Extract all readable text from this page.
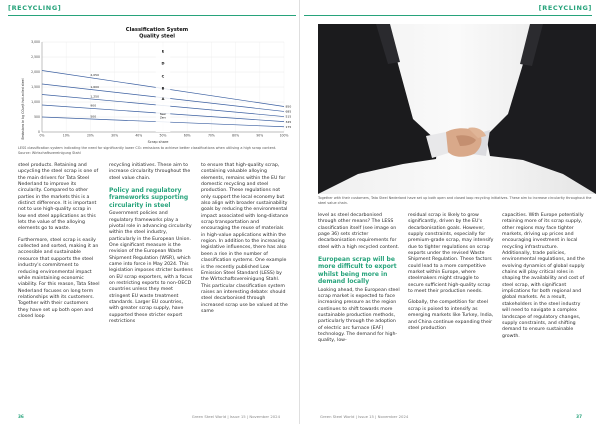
[RECYCLING]
Classification System
Quality steel
Emissions in kg CO₂e/t hot-rolled steel
Scrap share
0
500
1,000
1,500
2,000
2,500
3,000
0%	10%	20%	30%	40%	50%	60%	70%	80%	90%	100%
2,050
850
1,600
685
1,250
515
900
345
500
175
E
D
C
B
A
Near
Zero
LESS classification system indicating the need for significantly lower CO₂ emissions to achieve better classifications when utilising a high scrap content.
Source: Wirtschaftsvereinigung Stahl

steel products. Retaining and upcycling the steel scrap is one of the main drivers for Tata Steel Nederland to improve its circularity. Compared to other parties in the markets this is a distinct difference. It is important not to use high-quality scrap in low end steel applications as this lets the value of the alloying elements go to waste.

Furthermore, steel scrap is easily collected and sorted, making it an accessible and sustainable resource that supports the steel industry's commitment to reducing environmental impact while maintaining economic viability. For this reason, Tata Steel Nederland focuses on long term relationships with its customers. Together with their customers they have set up both open and closed loop

recycling initiatives. These aim to increase circularity throughout the steel value chain.

Policy and regulatory frameworks supporting circularity in steel

Government policies and regulatory frameworks play a pivotal role in advancing circularity within the steel industry, particularly in the European Union. One significant measure is the revision of the European Waste Shipment Regulation (WSR), which came into force in May 2024. This legislation imposes stricter burdens on EU scrap exporters, with a focus on restricting exports to non-OECD countries unless they meet stringent EU waste treatment standards. Larger EU countries, with greater scrap supply, have supported these stricter export restrictions

to ensure that high-quality scrap, containing valuable alloying elements, remains within the EU for domestic recycling and steel production. These regulations not only support the local economy but also align with broader sustainability goals by reducing the environmental impact associated with long-distance scrap transportation and encouraging the reuse of materials in high-value applications within the region. In addition to the increasing legislative influences, there has also been a rise in the number of classification systems. One example is the recently published Low Emission Steel Standard (LESS) by the Wirtschaftsvereinigung Stahl. This particular classification system raises an interesting debate: should steel decarbonised through increased scrap use be valued at the same

36	Green Steel World | Issue 15 | November 2024
[RECYCLING]
Together with their customers, Tata Steel Nederland have set up both open and closed loop recycling initiatives. These aim to increase circularity throughout the steel value chain.

level as steel decarbonised through other means? The LESS classification itself (see image on page 36) sets stricter decarbonisation requirements for steel with a high recycled content.

European scrap will be more difficult to export whilst being more in demand locally

Looking ahead, the European steel scrap market is expected to face increasing pressure as the region continues to shift towards more sustainable production methods, particularly through the adoption of electric arc furnace (EAF) technology. The demand for high-quality, low-

residual scrap is likely to grow significantly, driven by the EU's decarbonisation goals. However, supply constraints, especially for premium-grade scrap, may intensify due to tighter regulations on scrap exports under the revised Waste Shipment Regulation. These factors could lead to a more competitive market within Europe, where steelmakers might struggle to secure sufficient high-quality scrap to meet their production needs.

Globally, the competition for steel scrap is poised to intensify as emerging markets like Turkey, India, and China continue expanding their steel production

capacities. With Europe potentially retaining more of its scrap supply, other regions may face tighter markets, driving up prices and encouraging investment in local recycling infrastructure. Additionally, trade policies, environmental regulations, and the evolving dynamics of global supply chains will play critical roles in shaping the availability and cost of steel scrap, with significant implications for both regional and global markets. As a result, stakeholders in the steel industry will need to navigate a complex landscape of regulatory changes, supply constraints, and shifting demand to ensure sustainable growth.

Green Steel World | Issue 15 | November 2024	37
